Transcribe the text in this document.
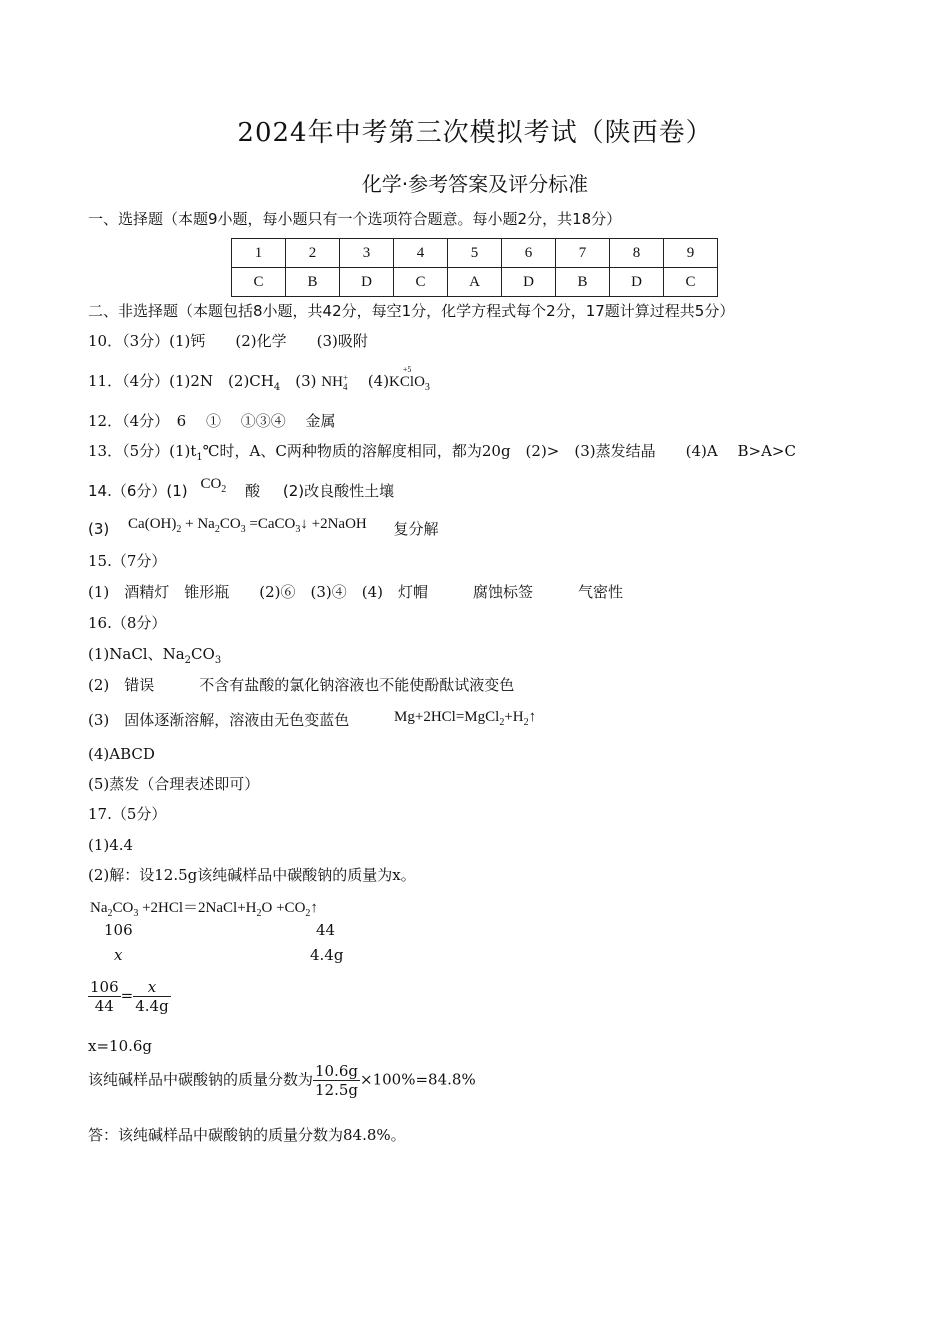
2024年中考第三次模拟考试（陕西卷）
化学·参考答案及评分标准
一、选择题（本题9小题，每小题只有一个选项符合题意。每小题2分，共18分）
1	2	3	4	5	6	7	8	9
C	B	D	C	A	D	B	D	C
二、非选择题（本题包括8小题，共42分，每空1分，化学方程式每个2分，17题计算过程共5分）
10．（3分）(1)钙　　(2)化学　　(3)吸附
11．（4分）(1)2N　$(2)CH_4$　(3) NH +
4 　(4)K
+5
ClO$_3$
12．（4分）　6　 ①　 ①③④　 金属
13．（5分）$(1)t_1℃$时，A、C两种物质的溶解度相同，都为20g　(2)>　(3)蒸发结晶　　(4)A　 B>A>C
14.（6分）(1) $CO_2$ 酸 (2)改良酸性土壤
(3) $Ca(OH)_2 + Na_2CO_3$ =CaCO$_3$↓ +2NaOH 复分解
15.（7分）
(1)　酒精灯　锥形瓶　　(2)⑥　(3)④　(4)　灯帽　　　腐蚀标签　　　气密性
16.（8分）
(1)NaCl、$Na_2CO_3$
(2)　错误　　　不含有盐酸的氯化钠溶液也不能使酚酞试液变色
(3)　固体逐渐溶解，溶液由无色变蓝色	$Mg+2HCl=MgCl_2+H_2↑$
(4)ABCD
(5)蒸发（合理表述即可）
17.（5分）
(1)4.4
(2)解：设12.5g该纯碱样品中碳酸钠的质量为x。
$Na_2CO_3$ $+2HCl=2NaCl+H_2O$ $+CO_2↑$
106	44
x	4.4g
$\frac{106}{44} = \frac{x}{4.4g}$
x=10.6g
该纯碱样品中碳酸钠的质量分数为 $\frac{10.6g}{12.5g} \times 100\%=84.8\%$
答：该纯碱样品中碳酸钠的质量分数为84.8%。
